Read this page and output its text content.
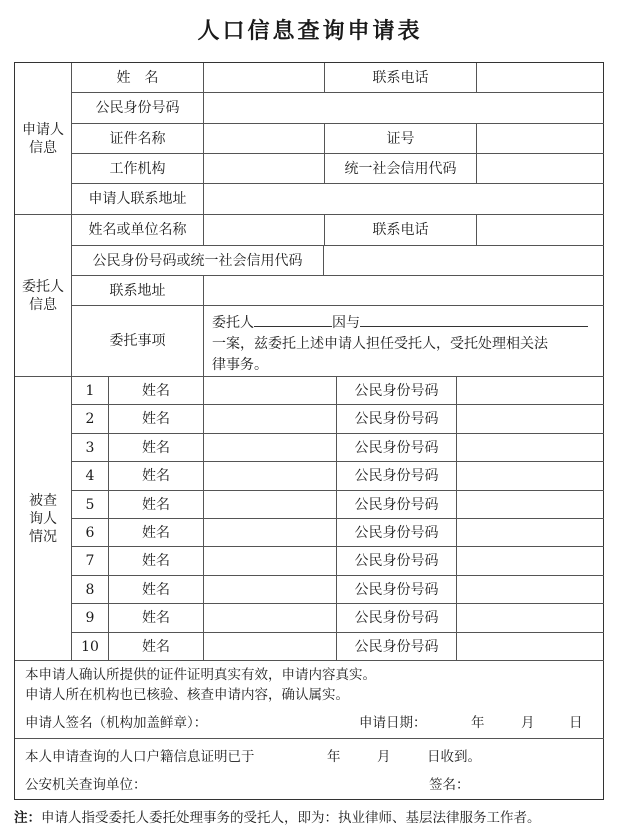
人口信息查询申请表
申请人
信息
姓　名	联系电话
公民身份号码
证件名称	证号
工作机构	统一社会信用代码
申请人联系地址
委托人
信息
姓名或单位名称	联系电话
公民身份号码或统一社会信用代码
联系地址
委托事项
委托人	因与
一案，兹委托上述申请人担任受托人，受托处理相关法
律事务。
被查
询人
情况
1	姓名	公民身份号码
2	姓名	公民身份号码
3	姓名	公民身份号码
4	姓名	公民身份号码
5	姓名	公民身份号码
6	姓名	公民身份号码
7	姓名	公民身份号码
8	姓名	公民身份号码
9	姓名	公民身份号码
10	姓名	公民身份号码
本申请人确认所提供的证件证明真实有效，申请内容真实。
申请人所在机构也已核验、核查申请内容，确认属实。
申请人签名（机构加盖鲜章）：	申请日期：	年	月	日
本人申请查询的人口户籍信息证明已于	年	月	日收到。
公安机关查询单位：	签名：
注：申请人指受委托人委托处理事务的受托人，即为：执业律师、基层法律服务工作者。
